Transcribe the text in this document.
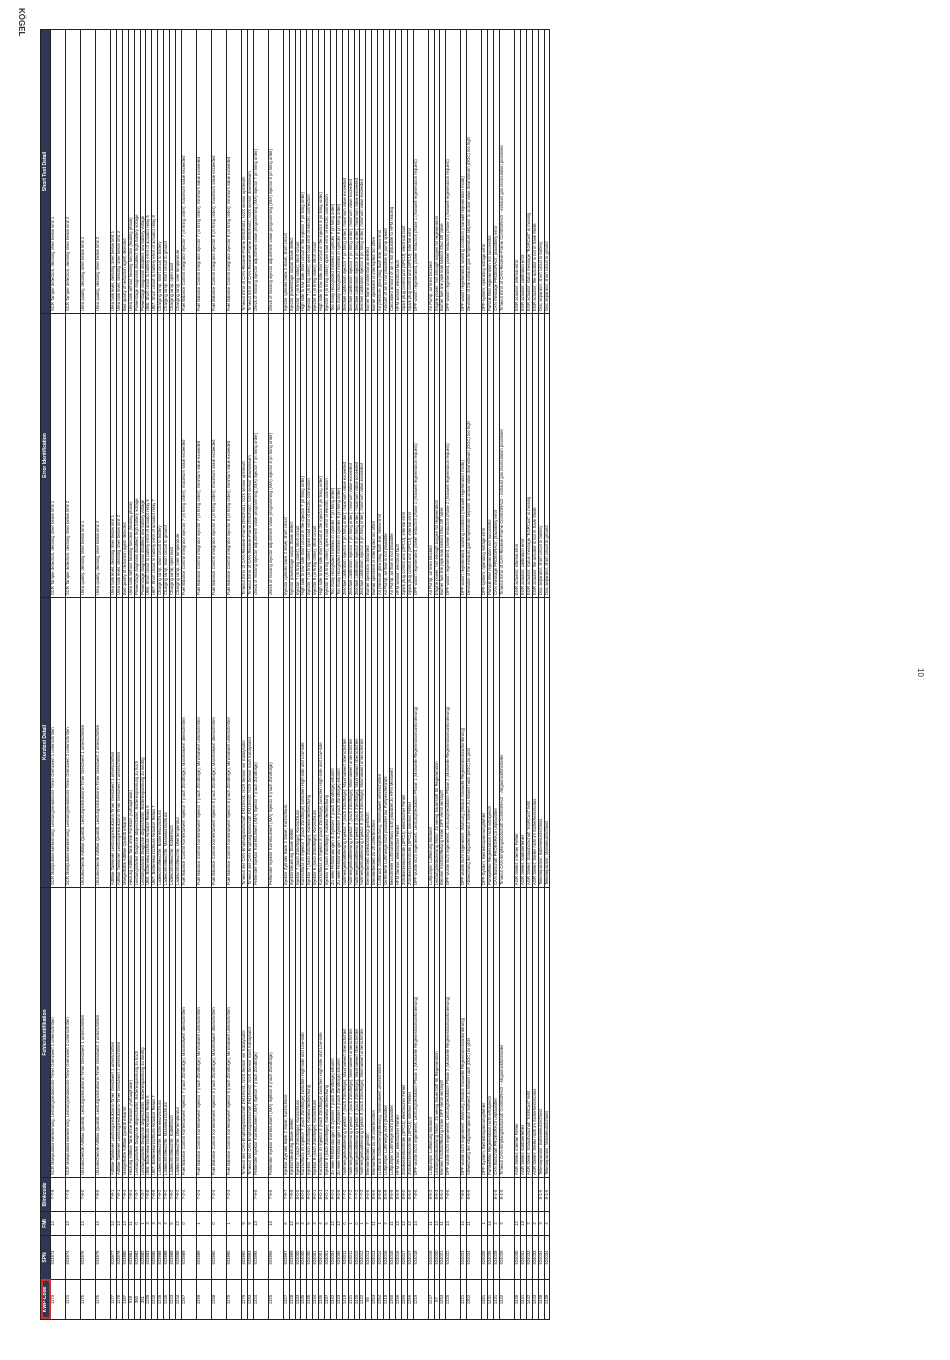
KÖGEL
KWP-Code	SPN	FMI	Blinkcode	Fehleridentifikation	Kurztext Detail	Error Identification	Short Text Detail
1173	523973	14	7-7-9	SCR Manipulationserkennung, Leistungsreduktions-Timer Grenzwert 1 unterschritten	SCR Manipulationserkennung, Leistungsreduktions-Timer Grenzwert 1 unterschritten	SCR Tamper detection, derating timer below limit 1	SCR Tamper detection, derating timer below limit 1
1174	523974	14	7-7-9	SCR Manipulationserkennung, Leistungsreduktions-Timer Grenzwert 2 unterschritten	SCR Manipulationserkennung, Leistungsreduktions-Timer Grenzwert 2 unterschritten	SCR Tamper detection, derating timer below limit 2	SCR Tamper detection, derating timer below limit 2
1175	523975	14	7-8-0	Unzureichende AdBlue Qualität, Leistungsreduktions-Timer Grenzwert 1 unterschritten	Unzureichende AdBlue Qualität, Leistungsreduktions-Timer Grenzwert 1 unterschritten	Urea quality, derating timer below limit 1	Urea quality, derating timer below limit 1
1176	523976	14	7-8-0	Unzureichende AdBlue Qualität, Leistungsreduktions-Timer Grenzwert 2 unterschritten	Unzureichende AdBlue Qualität, Leistungsreduktions-Timer Grenzwert 2 unterschritten	Urea quality, derating timer below limit 2	Urea quality, derating timer below limit 2
1177	523977	14	7-8-1	AdBlue Tankleve! Leistungsreduktions-Timer Grenzwert 1 unterschritten	AdBlue Tankleve! Leistungsreduktions-Timer Grenzwert 1 unterschritten	Urea tank level, derating timer below limit 1	Urea tank level, derating timer below limit 1
1178	523978	14	7-8-1	AdBlue Tankleve! Leistungsreduktions-Timer Grenzwert 2 unterschritten	AdBlue Tankleve! Leistungsreduktions-Timer Grenzwert 2 unterschritten	Urea tank level, derating timer below limit 2	Urea tank level, derating timer below limit 2
1187	523980	14	7-8-4	Mangelhafte AdBlue Qualität erkannt	Mangelhafte AdBlue Qualität erkannt	Bad quality of reduction agent detected	Bad quality of reduction agent detected
918	523981	11	7-8-4	Heizung AdBlue Tank ohne Funktion (Auftauphase)	Heizung AdBlue Tank ohne Funktion (Auftauphase)	Urea tank without heating function (heating phase)	Urea tank without heating function (heating phase)
360	523982	0	7-3-7	Leistungsstufen Diagnose abgeschaltet, Batteriespannung zu hoch	Leistungsstufen Diagnose abgeschaltet, Batteriespannung zu hoch	Powerstage diagnosis disabled; high battery voltage	Powerstage diagnosis disabled; high battery voltage
361	523982	1	7-3-7	Leistungsstufen Diagnose abgeschaltet, Batteriespannung zu niedrig	Leistungsstufen Diagnose abgeschaltet, Batteriespannung zu niedrig	Powerstage diagnosis disabled; low battery voltage	Powerstage diagnosis disabled; low battery voltage
1239	523983	3	7-8-8	UB6; Batteriekurzschluss Aktuator Relais 6	UB6; Batteriekurzschluss Aktuator Relais 6	UB6; Short circuit to battery error of actuator relay 6	UB6; Short circuit to battery error of actuator relay 6
1240	523985	3	7-8-9	UB7; Batteriekurzschluss Aktuator Relais 7	UB7; Batteriekurzschluss Aktuator Relais 7	UB7; Short circuit to battery error of actuator relay 7	UB7; Short circuit to battery error of actuator relay 8
1245	523988	3	7-9-2	Ladekontrollleuchte; Batteriekurzschluss	Ladekontrollleuchte; Batteriekurzschluss	Charging lamp; short circuit to battery	Charging lamp; short circuit to battery
1246	523988	4	7-9-2	Ladekontrollleuchte; Massekurzschluss	Ladekontrollleuchte; Massekurzschluss	Charging lamp; short circuit to ground	Charging lamp; short circuit to ground
1243	523988	5	7-9-2	Ladekontrollleuchte; Kabelbruch	Ladekontrollleuchte; Kabelbruch	Charging lamp; open load	Charging lamp; open load
1244	523988	12	7-9-2	Ladekontrollleuchte; Übertemperatur	Ladekontrollleuchte; Übertemperatur	Charging lamp; over temperature	Charging lamp; over temperature
1267	523989	0	7-2-4	Fuel Balance Control Korrekturwert Injektor 7 (nach Zündfolge); Maximalwert überschritten	Fuel Balance Control Korrekturwert Injektor 7 (nach Zündfolge); Maximalwert überschritten	Fuel Balance Control integrator injector 7 (in firing order); maximum value exceeded	Fuel Balance Control integrator injector 7 (in firing order); maximum value exceeded
1269	523989	1	7-2-4	Fuel Balance Control Korrekturwert Injektor 7 (nach Zündfolge); Minimalwert unterschritten	Fuel Balance Control Korrekturwert Injektor 7 (nach Zündfolge); Minimalwert unterschritten	Fuel Balance Control integrator injector 7 (in firing order); minimum value exceeded	Fuel Balance Control integrator injector 7 (in firing order); minimum value exceeded
1268	523990	0	7-2-4	Fuel Balance Control Korrekturwert Injektor 8 (nach Zündfolge); Maximalwert überschritten	Fuel Balance Control Korrekturwert Injektor 8 (nach Zündfolge); Maximalwert überschritten	Fuel Balance Control integrator injector 8 (in firing order); maximum value exceeded	Fuel Balance Control integrator injector 8 (in firing order); maximum value exceeded
1270	523990	1	7-2-4	Fuel Balance Control Korrekturwert Injektor 8 (nach Zündfolge); Minimalwert unterschritten	Fuel Balance Control Korrekturwert Injektor 8 (nach Zündfolge); Minimalwert unterschritten	Fuel Balance Control integrator injector 8 (in firing order); minimum value exceeded	Fuel Balance Control integrator injector 8 (in firing order); minimum value exceeded
1279	523992	9		Timeout der CAN-Empfangsbotschaft DM19Vol1; NOX Sensor vor Katalysator	Timeout der CAN-Empfangsbotschaft DM19Vol1; NOX Sensor vor Katalysator	Timeout Error of CAN-Receive-Frame DM19Vol1; NOX sensor upstream	Timeout Error of CAN-Receive-Frame DM19Vol1; NOX sensor upstream
1283	523993	9		Timeout der CAN-Empfangsbotschaft DM19Vol2; NOX Sensor nach Katalysator	Timeout der CAN-Empfangsbotschaft DM19Vol2; NOX Sensor nach Katalysator	Timeout Error of CAN-Receive-Frame DM19Vol2; NOX sensor downstream	Timeout Error of CAN-Receive-Frame DM19Vol2; NOX sensor downstream
1324	523995	13	7-9-5	Fehlender Injektor Korrekturwert (IMA) Injektor 7 (nach Zündfolge)	Fehlender Injektor Korrekturwert (IMA) Injektor 7 (nach Zündfolge)	check of missing injector adjustment value programming (IMA) injector 7 (in firing order)	check of missing injector adjustment value programming (IMA) injector 7 (in firing order)
1325	523996	13	7-9-6	Fehlender Injektor Korrekturwert (IMA) Injektor 8 (nach Zündfolge)	Fehlender Injektor Korrekturwert (IMA) Injektor 8 (nach Zündfolge)	check of missing injector adjustment value programming (IMA) injector 8 (in firing order)	check of missing injector adjustment value programming (IMA) injector 8 (in firing order)
1327	523997	6	7-9-7	Injektor Zylinder Bank 2 Slave; Kurzschluss	Injektor Zylinder Bank 2 Slave; Kurzschluss	Injector cylinder bank 2 slave; short circuit	Injector cylinder bank 2 slave; short circuit
1328	523999	12	7-9-9	Injektorsteuerung Slave defekt	Injektorsteuerung Slave defekt	Injector powerstage output Slave defect	Injector powerstage output Slave defect
1333	524000	3	8-0-0	Injektor 7 (nach Zündfolge); Kurzschluss	Injektor 7 (nach Zündfolge); Kurzschluss	Injector 7 (in firing order); short circuit	Injector 7 (in firing order); short circuit
1335	524000	4	8-0-0	Kurzschluss im Injektor 7 (nach Zündfolge) zwischen High-side und Low-side	Kurzschluss im Injektor 7 (nach Zündfolge) zwischen High-side und Low-side	High side to low side short circuit in the injector 7 (in firing order)	High side to low side short circuit in the injector 7 (in firing order)
1336	524000	5	8-0-0	Injektor 7 (nach Zündfolge); Kabelunterbrechung	Injektor 7 (nach Zündfolge); Kabelunterbrechung	Injector 7 (in firing order); open load error of electric connection	Injector 7 (in firing order); open load error of electric connection
1334	524001	3	8-0-1	Injektor 8 (nach Zündfolge); Kurzschluss	Injektor 8 (nach Zündfolge); Kurzschluss	Injector 8 (in firing order); short circuit	Injector 8 (in firing order); short circuit
1336	524001	4	8-0-1	Kurzschluss im Injektor 8 (nach Zündfolge) zwischen High-side und Low-side	Kurzschluss im Injektor 8 (nach Zündfolge) zwischen High-side und Low-side	High side to low side short circuit in the injector 8 (in firing order)	High side to low side short circuit in the injector 8 (in firing order)
1337	524001	5	8-0-1	Injektor 8 (nach Zündfolge); Kabelunterbrechung	Injektor 8 (nach Zündfolge); Kabelunterbrechung	Injector 8 (in firing order); open load error of electric connection	Injector 8 (in firing order); open load error of electric connection
1342	524004	12	8-0-4	Zu viele Fehlzündungen in Zylinder 7 (nach Zündfolge) erkannt	Zu viele Fehlzündungen in Zylinder 7 (nach Zündfolge) erkannt	Too many recognized misfires in cylinder 7 (in firing order)	Too many recognized misfires in cylinder 7 (in firing order)
1343	524005	12	8-0-5	Zu viele Fehlzündungen in Zylinder 8 (nach Zündfolge) erkannt	Zu viele Fehlzündungen in Zylinder 8 (nach Zündfolge) erkannt	Too many recognized misfires in cylinder 8 (in firing order)	Too many recognized misfires in cylinder 8 (in firing order)
1419	524011	0	7-7-2	Nullmengenkalibrierung Injektor 7 (nach Zündfolge); Maximalwert überschritten	Nullmengenkalibrierung Injektor 7 (nach Zündfolge); Maximalwert überschritten	Zerofuel calibration injector 7 (in firing order); maximum value exceeded	Zerofuel calibration injector 7 (in firing order); maximum value exceeded
1421	524011	1	7-7-2	Nullmengenkalibrierung Injektor 7 (nach Zündfolge); Minimalwert unterschritten	Nullmengenkalibrierung Injektor 7 (nach Zündfolge); Minimalwert unterschritten	Zerofuel calibration injector 7 (in firing order); minimum value exceeded	Zerofuel calibration injector 7 (in firing order); minimum value exceeded
1420	524012	0	7-7-2	Nullmengenkalibrierung Injektor 8 (nach Zündfolge); Maximalwert überschritten	Nullmengenkalibrierung Injektor 8 (nach Zündfolge); Maximalwert überschritten	Zerofuel calibration injector 8 (in firing order); maximum value exceeded	Zerofuel calibration injector 8 (in firing order); maximum value exceeded
1422	524012	1	7-7-2	Nullmengenkalibrierung Injektor 8 (nach Zündfolge); Minimalwert unterschritten	Nullmengenkalibrierung Injektor 8 (nach Zündfolge); Minimalwert unterschritten	Zerofuel calibration injector 8 (in firing order); minimum value exceeded	Zerofuel calibration injector 8 (in firing order); minimum value exceeded
56	524013	7	8-5-6	Brennerbetrieb gestört	Brennerbetrieb unbeabsichtigt gelöscht	Burner operation disturbed	Burner flame unintentional deleted
1253	524013	11	8-5-6	Brennerbetrieb zu oft unterbrochen	Brennerbetrieb zu oft unterbrochen	Burner operation is interrupted too often	Burner operation is interrupted too often
1254	524014	1	8-5-8	Luftdruck Glühkerzenspülleitung; Minimalwert unterschritten	Luftdruck Glühkerzenspülleitung; Minimalwert unterschritten	Air pressure glow plug flush line; below limit	Air pressure glow plug flush line; below limit
1219	524016	2	8-5-9	Luftpumpe; Luftmenge nicht plausibel	Geförderte Luftmenge nicht plausibel zur Pumpendrehzahl	Air Pump; air flow is not plausible	Amount of air is not plausible to pump speed
1260	524016	11	8-5-9	Luftpumpe; Luftmenge nicht plausibel	Berechneter Luftmassenfluss nicht plausibel zu HFM Messwert	Air Pump; air flow is not plausible	Calculated amount of air is not plausible to HFM reading
1256	524016	12	8-5-9	HFM Sensor; elektrischer Fehler	HFM Sensor; elektrischer Fehler	HFM sensor; electrical fault	HFM sensor; electrical fault
1265	524017	12	8-6-0	Zündkerzenkontrolle (SPCU); elektrischer Fehler	Zündkerzenkontrolle (SPCU); elektrischer Fehler	Spark plug control unit (SPCU); internal error	Spark plug control unit (SPCU); electrical fault
1266	524017	12	8-6-0	Zündkerzenkontrolle (SPCU); interner Fehler	Zündkerzenkontrolle (SPCU); interner Fehler	Spark plug control unit (SPCU); internal error	Spark plug control unit (SPCU); internal error
1219	524018	14	7-8-6	DPF wurde nicht regeneriert, Leistungsreduktion Phase 1 (Manuelle Regenerationsanforderung)	DPF wurde nicht regeneriert, Leistungsreduktion Phase 1 (Manuelle Regenerationsanforderung)	DPF wasn't regenerated, power reduction phase 1 (manuell regeneration request)	DPF wasn't regenerated, power reduction phase 1 (manuell regeneration request)
1247	524019	11	8-6-2	Luftpumpe; Luftleitung blockiert	Luftpumpe; Luftleitung blockiert	Air Pump; air lines blocked	Air Pump; air lines blocked
57	524020	14	8-6-3	Leistungsreduzierung Motor: Zu wenig Sauerstoff für Regeneration	Leistungsreduzierung Motor: Zu wenig Sauerstoff für Regeneration	Engine power; Not enough oxygen for regeneration	Engine power; Not enough oxygen for regeneration
1263	524021	11	8-6-4	Brenner Kraftstoffleitung hinter DPF Ventil verstopft	Brenner Kraftstoffleitung hinter DPF Ventil verstopft	Burner fuel line pipe leak behind Shut Off Valve	Burner fuel line pipe leak behind Shut Off Valve
1220	524022	14	7-8-6	DPF wurde nicht regeneriert, Leistungsreduktion Phase 2 (Manuelle Regenerationsanforderung)	DPF wurde nicht regeneriert, Leistungsreduktion Phase 2 (Manuelle Regenerationsanforderung)	DPF wasn't regenerated, power reduction phase 2 (manuell regeneration request)	DPF wasn't regenerated, power reduction phase 2 (manuell regeneration request)
1221	524023	14	7-8-6	DPF wurde nicht regeneriert, Warnung (Modus manuelle Regenerationsanforderung)	DPF wurde nicht regeneriert, Warnung (Modus manuelle Regenerationsanforderung)	DPF wasn't regenerated, warning condition (manuell regeneration mode)	DPF wasn't regenerated, warning condition (manuell regeneration mode)
1302	524024	11	8-6-6	Abweichung der Abgastemperatur Sollwert zu Istwert nach (DOC) zu groß	Abweichung der Abgastemperatur Sollwert zu Istwert nach (DOC) zu groß	Deviation of the exhaust gas temperature setpoint to actual value downstream (DOC) too high	Deviation of the exhaust gas temperature setpoint to actual value downstream (DOC) too high
1481	524025	1		DPF-System; Betriebsspannungsfehler	DPF-System; Betriebsspannungsfehler	DPF-system; operating voltage error	DPF-system; operating voltage error
1431	524026	14		Partikelfilter Regeneration nicht erfolgreich	Partikelfilter Regeneration nicht erfolgreich	Particle filter regeneration not successful	Particle filter regeneration not successful
1431	524028	2	8-1-5	CAN Botschaft PROEGRActr unplausibel	CAN Botschaft PROEGRActr unplausibel	CAN message PROEGRActr; plausibility error	CAN message PROEGRActr; plausibility error
1432	524029	2	8-1-5	Timeout CAN-Empfangsbotschaft ComEGRActr - Abgasrückführsteller	Timeout CAN-Empfangsbotschaft ComEGRActr - Abgasrückführsteller	Timeout Error of CAN-Receive-Frame ComEGRActr - exhaust gas recirculation positioner	Timeout Error of CAN-Receive-Frame ComEGRActr - exhaust gas recirculation positioner
1440	524030	12		AGR Steller; interner Fehler	AGR Steller; interner Fehler	EGR actuator; internal error	EGR actuator; internal error
1441	524031	13		AGR Steller; Kalibrierfehler	AGR Steller; Kalibrierfehler	EGR actuator; calibration error	EGR actuator; calibration error
1442	524032	2		AGR Steller; Statusbotschaft "EGRCust" fehlt	AGR Steller; Statusbotschaft "EGRCust" fehlt	EGR actuator; status message "EGRCust" is missing	EGR actuator; status message "EGRCust" is missing
1443	524033	2		AGR Steller; Steller nicht im Sicherheitsmodus	AGR Steller; Steller nicht im Sicherheitsmodus	EGR actuator; the actuator is not in Save Mode	EGR actuator; the actuator is not in Save Mode
1438	524034	3	8-1-6	Tellerseparator; Batteriekurzschluss	Tellerseparator; Batteriekurzschluss	Disc separator; short circuit to battery	Disc separator; short circuit to battery
1439	524034	4	8-1-6	Tellerseparator; Massekurzschluss	Tellerseparator; Massekurzschluss	Disc separator; short circuit to ground	Disc separator; short circuit to ground
10
